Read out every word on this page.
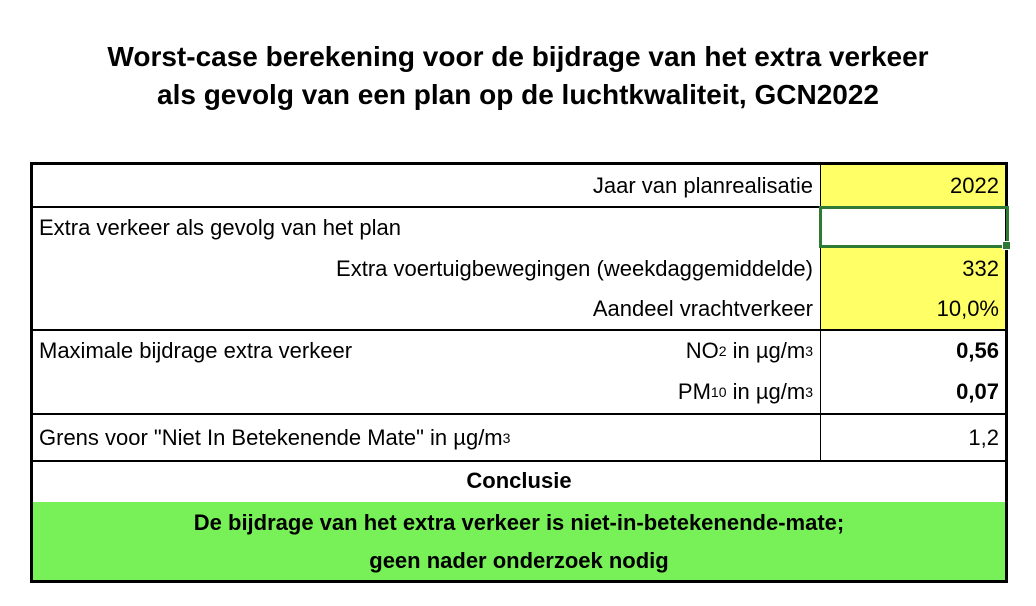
Worst-case berekening voor de bijdrage van het extra verkeer
als gevolg van een plan op de luchtkwaliteit, GCN2022
Jaar van planrealisatie	2022
Extra verkeer als gevolg van het plan
Extra voertuigbewegingen (weekdaggemiddelde)	332
Aandeel vrachtverkeer	10,0%
Maximale bijdrage extra verkeer	NO 2 in µg/m 3	0,56
PM 10 in µg/m 3	0,07
Grens voor "Niet In Betekenende Mate" in µg/m 3	1,2
Conclusie
De bijdrage van het extra verkeer is niet-in-betekenende-mate;
geen nader onderzoek nodig
